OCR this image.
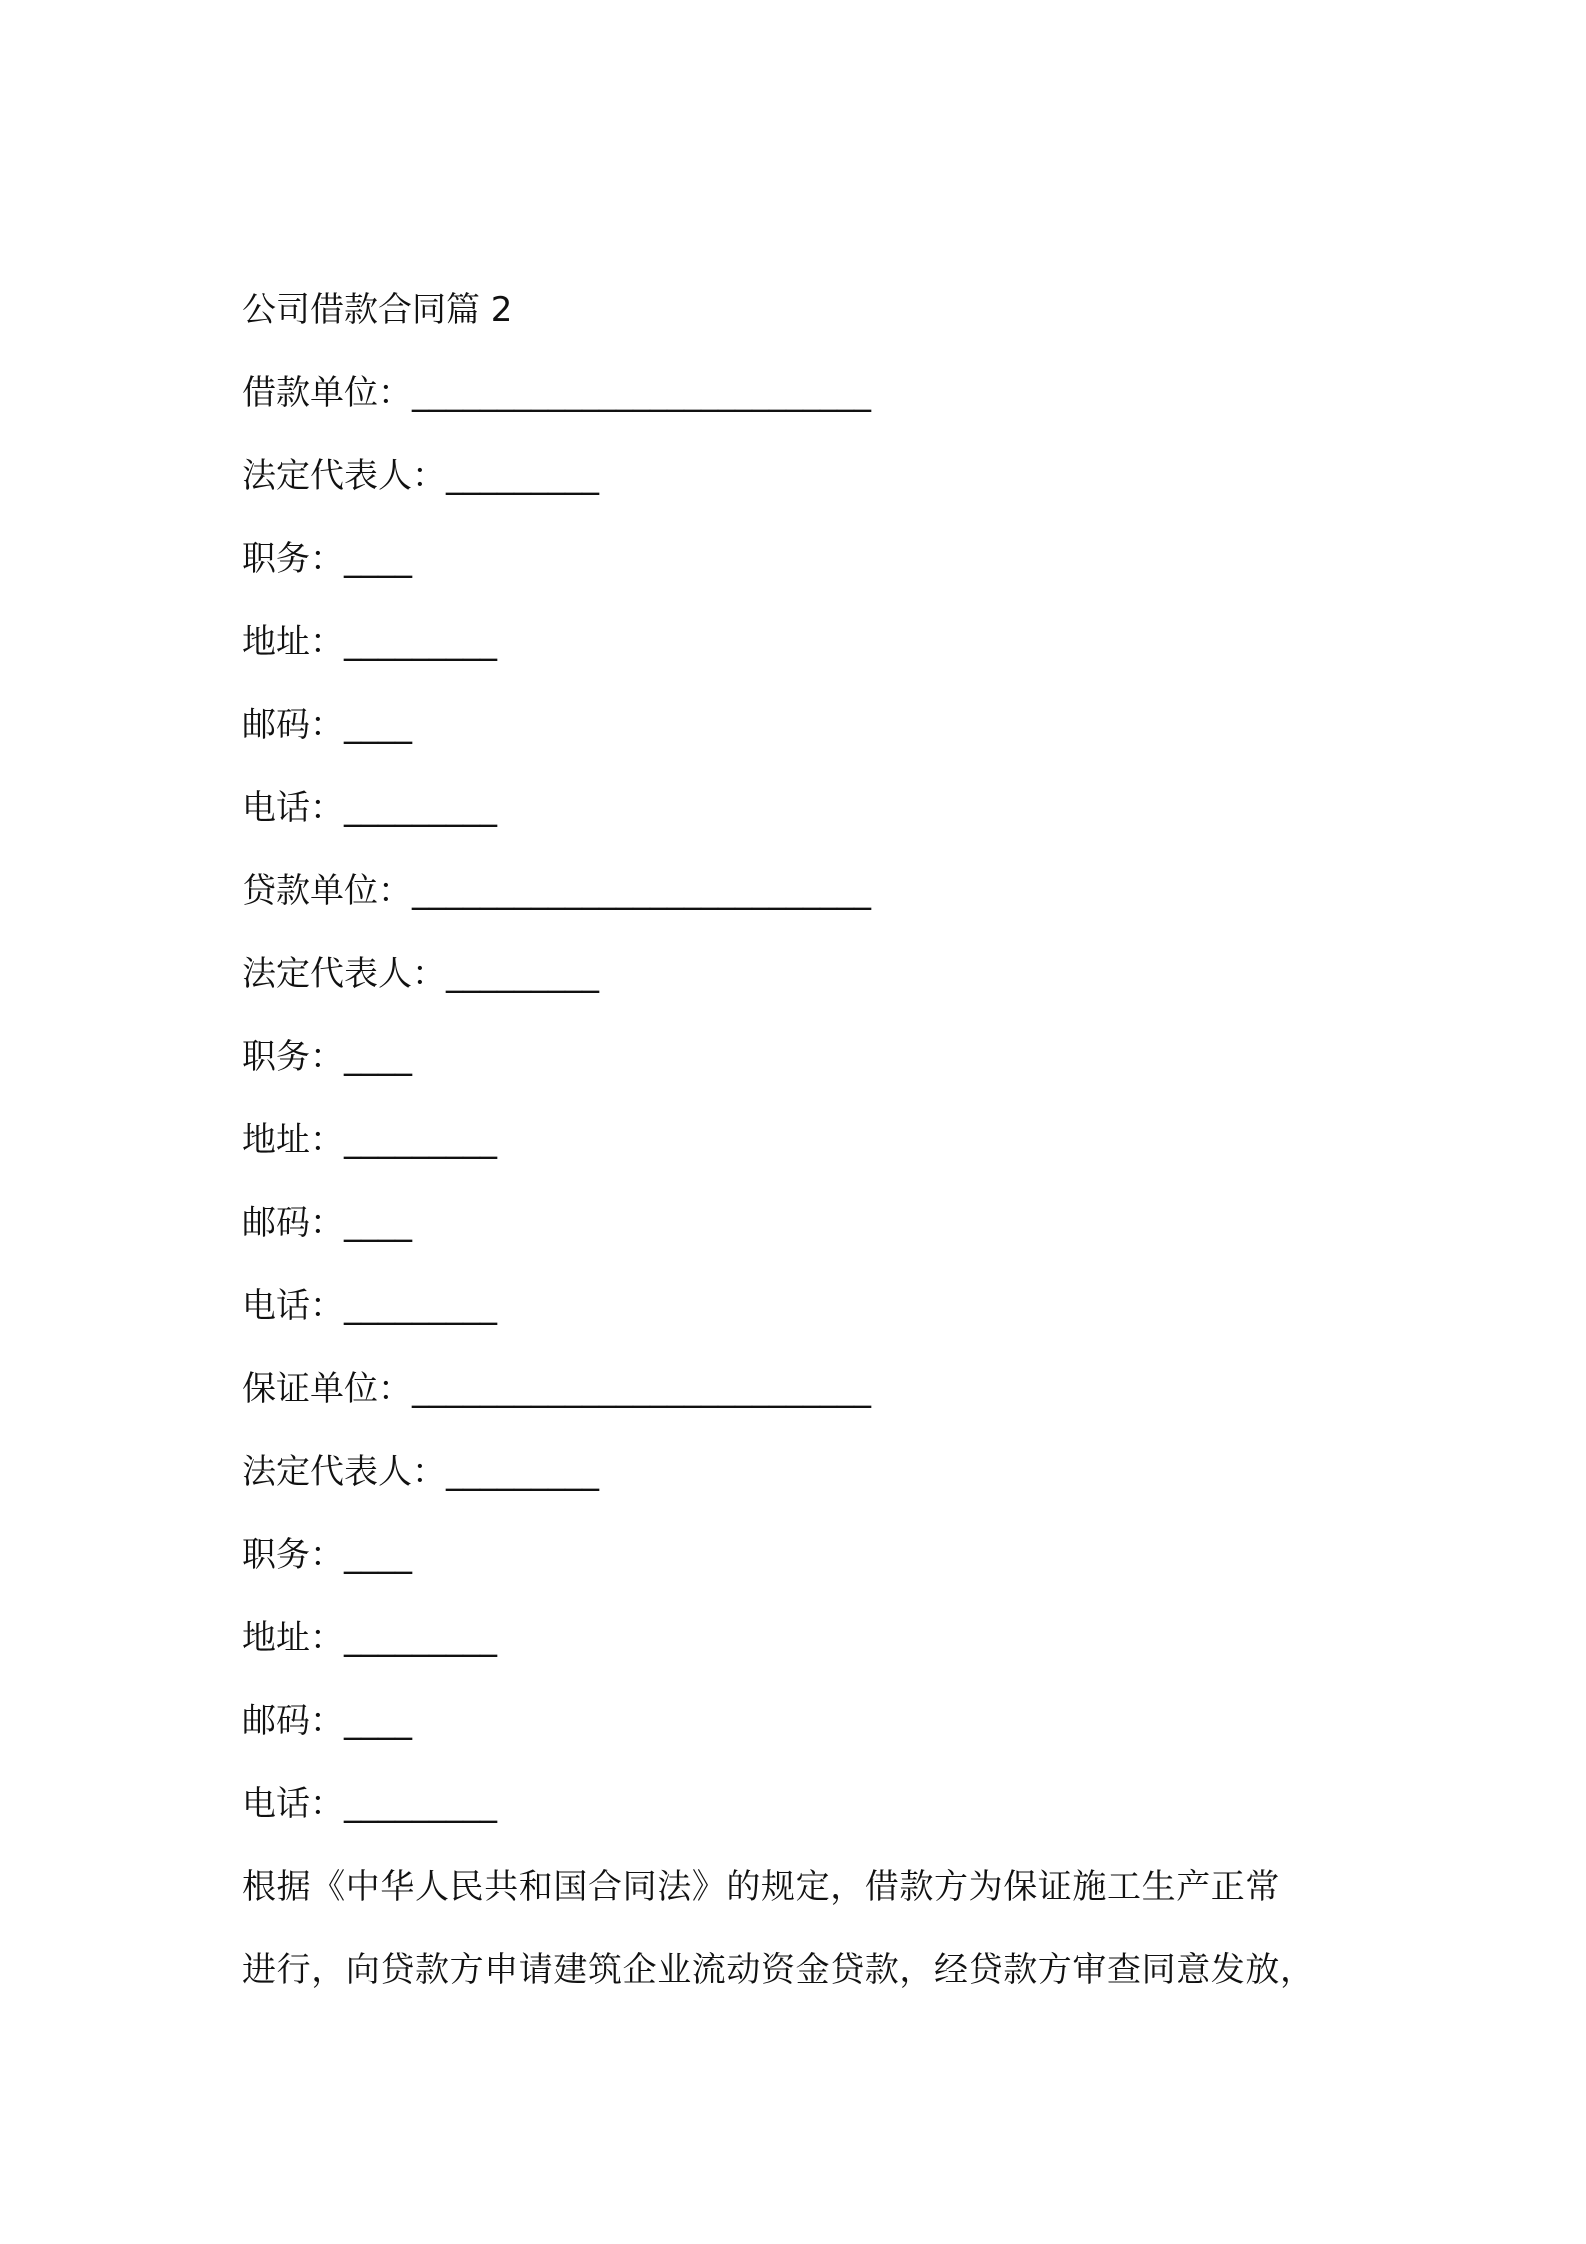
公司借款合同篇 2
借款单位：___________________________
法定代表人：_________
职务：____
地址：_________
邮码：____
电话：_________
贷款单位：___________________________
法定代表人：_________
职务：____
地址：_________
邮码：____
电话：_________
保证单位：___________________________
法定代表人：_________
职务：____
地址：_________
邮码：____
电话：_________
根据《中华人民共和国合同法》的规定，借款方为保证施工生产正常
进行，向贷款方申请建筑企业流动资金贷款，经贷款方审查同意发放，
